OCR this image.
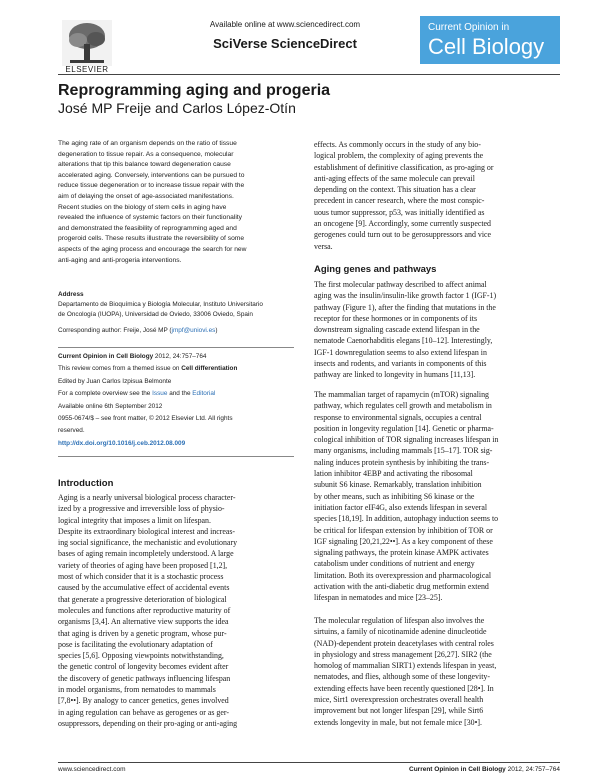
ELSEVIER
Available online at www.sciencedirect.com
SciVerse ScienceDirect
Current Opinion in
Cell Biology
Reprogramming aging and progeria
José MP Freije and Carlos López-Otín
The aging rate of an organism depends on the ratio of tissue
degeneration to tissue repair. As a consequence, molecular
alterations that tip this balance toward degeneration cause
accelerated aging. Conversely, interventions can be pursued to
reduce tissue degeneration or to increase tissue repair with the
aim of delaying the onset of age-associated manifestations.
Recent studies on the biology of stem cells in aging have
revealed the influence of systemic factors on their functionality
and demonstrated the feasibility of reprogramming aged and
progeroid cells. These results illustrate the reversibility of some
aspects of the aging process and encourage the search for new
anti-aging and anti-progeria interventions.
Address
Departamento de Bioquímica y Biología Molecular, Instituto Universitario
de Oncología (IUOPA), Universidad de Oviedo, 33006 Oviedo, Spain
Corresponding author: Freije, José MP (jmpf@uniovi.es)
Current Opinion in Cell Biology 2012, 24:757–764
This review comes from a themed issue on Cell differentiation
Edited by Juan Carlos Izpisua Belmonte
For a complete overview see the Issue and the Editorial
Available online 6th September 2012
0955-0674/$ – see front matter, © 2012 Elsevier Ltd. All rights
reserved.
http://dx.doi.org/10.1016/j.ceb.2012.08.009
Introduction

Aging is a nearly universal biological process character-

ized by a progressive and irreversible loss of physio-

logical integrity that imposes a limit on lifespan.

Despite its extraordinary biological interest and increas-

ing social significance, the mechanistic and evolutionary

bases of aging remain incompletely understood. A large

variety of theories of aging have been proposed [1,2],

most of which consider that it is a stochastic process

caused by the accumulative effect of accidental events

that generate a progressive deterioration of biological

molecules and functions after reproductive maturity of

organisms [3,4]. An alternative view supports the idea

that aging is driven by a genetic program, whose pur-

pose is facilitating the evolutionary adaptation of

species [5,6]. Opposing viewpoints notwithstanding,

the genetic control of longevity becomes evident after

the discovery of genetic pathways influencing lifespan

in model organisms, from nematodes to mammals

[7,8••]. By analogy to cancer genetics, genes involved

in aging regulation can behave as gerogenes or as ger-

osuppressors, depending on their pro-aging or anti-aging

effects. As commonly occurs in the study of any bio-

logical problem, the complexity of aging prevents the

establishment of definitive classification, as pro-aging or

anti-aging effects of the same molecule can prevail

depending on the context. This situation has a clear

precedent in cancer research, where the most conspic-

uous tumor suppressor, p53, was initially identified as

an oncogene [9]. Accordingly, some currently suspected

gerogenes could turn out to be gerosuppressors and vice

versa.

Aging genes and pathways

The first molecular pathway described to affect animal

aging was the insulin/insulin-like growth factor 1 (IGF-1)

pathway (Figure 1), after the finding that mutations in the

receptor for these hormones or in components of its

downstream signaling cascade extend lifespan in the

nematode Caenorhabditis elegans [10–12]. Interestingly,

IGF-1 downregulation seems to also extend lifespan in

insects and rodents, and variants in components of this

pathway are linked to longevity in humans [11,13].

The mammalian target of rapamycin (mTOR) signaling

pathway, which regulates cell growth and metabolism in

response to environmental signals, occupies a central

position in longevity regulation [14]. Genetic or pharma-

cological inhibition of TOR signaling increases lifespan in

many organisms, including mammals [15–17]. TOR sig-

naling induces protein synthesis by inhibiting the trans-

lation inhibitor 4EBP and activating the ribosomal

subunit S6 kinase. Remarkably, translation inhibition

by other means, such as inhibiting S6 kinase or the

initiation factor eIF4G, also extends lifespan in several

species [18,19]. In addition, autophagy induction seems to

be critical for lifespan extension by inhibition of TOR or

IGF signaling [20,21,22••]. As a key component of these

signaling pathways, the protein kinase AMPK activates

catabolism under conditions of nutrient and energy

limitation. Both its overexpression and pharmacological

activation with the anti-diabetic drug metformin extend

lifespan in nematodes and mice [23–25].

The molecular regulation of lifespan also involves the

sirtuins, a family of nicotinamide adenine dinucleotide

(NAD)-dependent protein deacetylases with central roles

in physiology and stress management [26,27]. SIR2 (the

homolog of mammalian SIRT1) extends lifespan in yeast,

nematodes, and flies, although some of these longevity-

extending effects have been recently questioned [28•]. In

mice, Sirt1 overexpression orchestrates overall health

improvement but not longer lifespan [29], while Sirt6

extends longevity in male, but not female mice [30•].

www.sciencedirect.com	Current Opinion in Cell Biology 2012, 24:757–764
